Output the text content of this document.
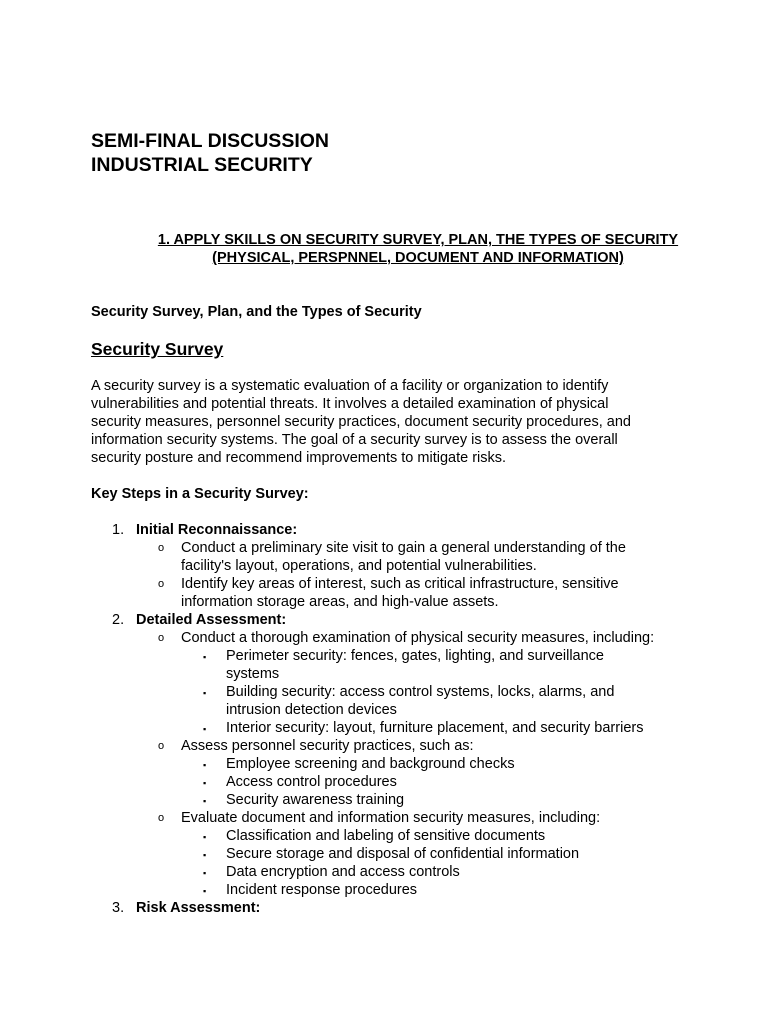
SEMI-FINAL DISCUSSION
INDUSTRIAL SECURITY
1. APPLY SKILLS ON SECURITY SURVEY, PLAN, THE TYPES OF SECURITY
(PHYSICAL, PERSPNNEL, DOCUMENT AND INFORMATION)
Security Survey, Plan, and the Types of Security
Security Survey
A security survey is a systematic evaluation of a facility or organization to identify
vulnerabilities and potential threats. It involves a detailed examination of physical
security measures, personnel security practices, document security procedures, and
information security systems. The goal of a security survey is to assess the overall
security posture and recommend improvements to mitigate risks.
Key Steps in a Security Survey:
1. Initial Reconnaissance:
o Conduct a preliminary site visit to gain a general understanding of the
facility's layout, operations, and potential vulnerabilities.
o Identify key areas of interest, such as critical infrastructure, sensitive
information storage areas, and high-value assets.
2. Detailed Assessment:
o Conduct a thorough examination of physical security measures, including:
▪ Perimeter security: fences, gates, lighting, and surveillance
systems
▪ Building security: access control systems, locks, alarms, and
intrusion detection devices
▪ Interior security: layout, furniture placement, and security barriers
o Assess personnel security practices, such as:
▪ Employee screening and background checks
▪ Access control procedures
▪ Security awareness training
o Evaluate document and information security measures, including:
▪ Classification and labeling of sensitive documents
▪ Secure storage and disposal of confidential information
▪ Data encryption and access controls
▪ Incident response procedures
3. Risk Assessment:
